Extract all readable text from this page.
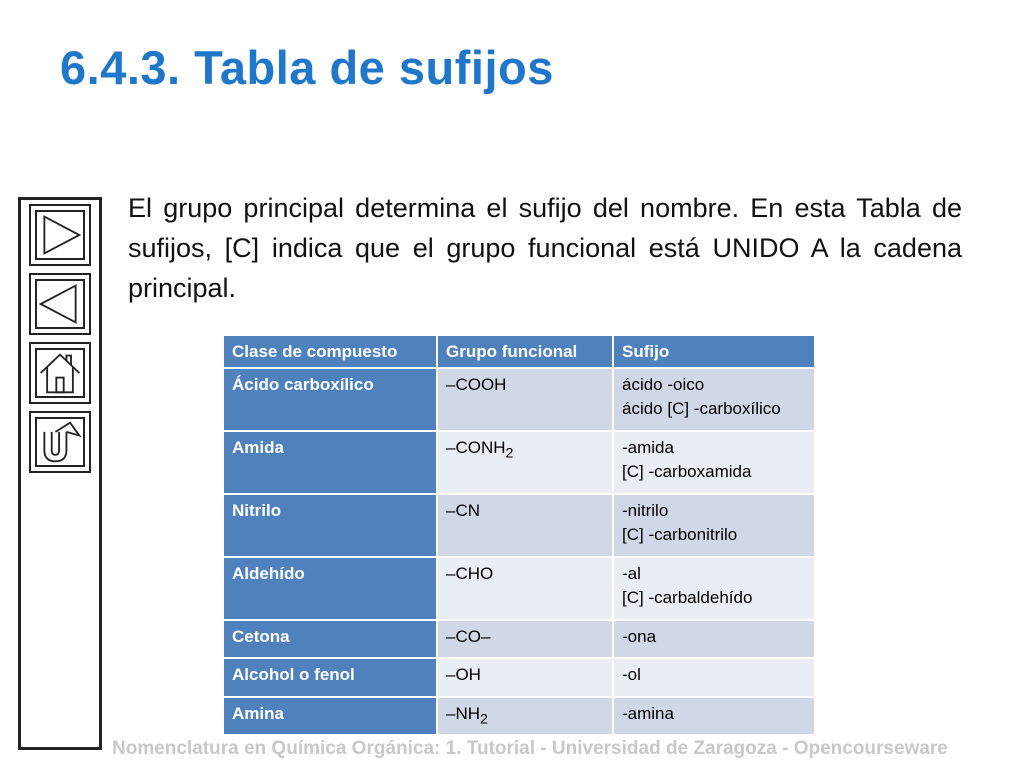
6.4.3. Tabla de sufijos
El grupo principal determina el sufijo del nombre. En esta Tabla de sufijos, [C] indica que el grupo funcional está UNIDO A la cadena principal.
Clase de compuesto	Grupo funcional	Sufijo
Ácido carboxílico	–COOH	ácido -oico
ácido [C] -carboxílico

Amida	$-CONH_2$	-amida
[C] -carboxamida

Nitrilo	–CN	-nitrilo
[C] -carbonitrilo

Aldehído	–CHO	-al
[C] -carbaldehído

Cetona	–CO–	-ona

Alcohol o fenol	–OH	-ol

Amina	$-NH_2$	-amina
Nomenclatura en Química Orgánica: 1. Tutorial - Universidad de Zaragoza - Opencourseware
